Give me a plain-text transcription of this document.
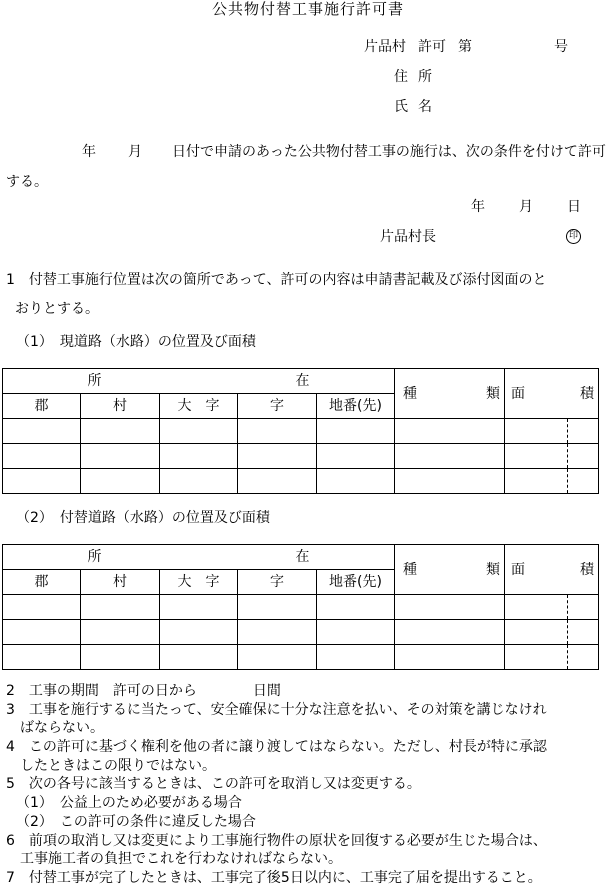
公共物付替工事施行許可書
片品村 許可 第	号
住所
氏名
年 月 日付で申請のあった公共物付替工事の施行は、次の条件を付けて許可する。
年 月 日
片品村長	印
1　付替工事施行位置は次の箇所であって、許可の内容は申請書記載及び添付図面のと
おりとする。
（1）　現道路（水路）の位置及び面積
所 在					種 類	面 積

郡	村	大　字	字	地番(先)		

（2）　付替道路（水路）の位置及び面積
所 在					種 類	面 積

郡	村	大　字	字	地番(先)		

2　工事の期間　許可の日から　　　　日間
3　工事を施行するに当たって、安全確保に十分な注意を払い、その対策を講じなけれ
ばならない。
4　この許可に基づく権利を他の者に譲り渡してはならない。ただし、村長が特に承認
したときはこの限りではない。
5　次の各号に該当するときは、この許可を取消し又は変更する。
（1）　公益上のため必要がある場合
（2）　この許可の条件に違反した場合
6　前項の取消し又は変更により工事施行物件の原状を回復する必要が生じた場合は、
工事施工者の負担でこれを行わなければならない。
7　付替工事が完了したときは、工事完了後5日以内に、工事完了届を提出すること。
